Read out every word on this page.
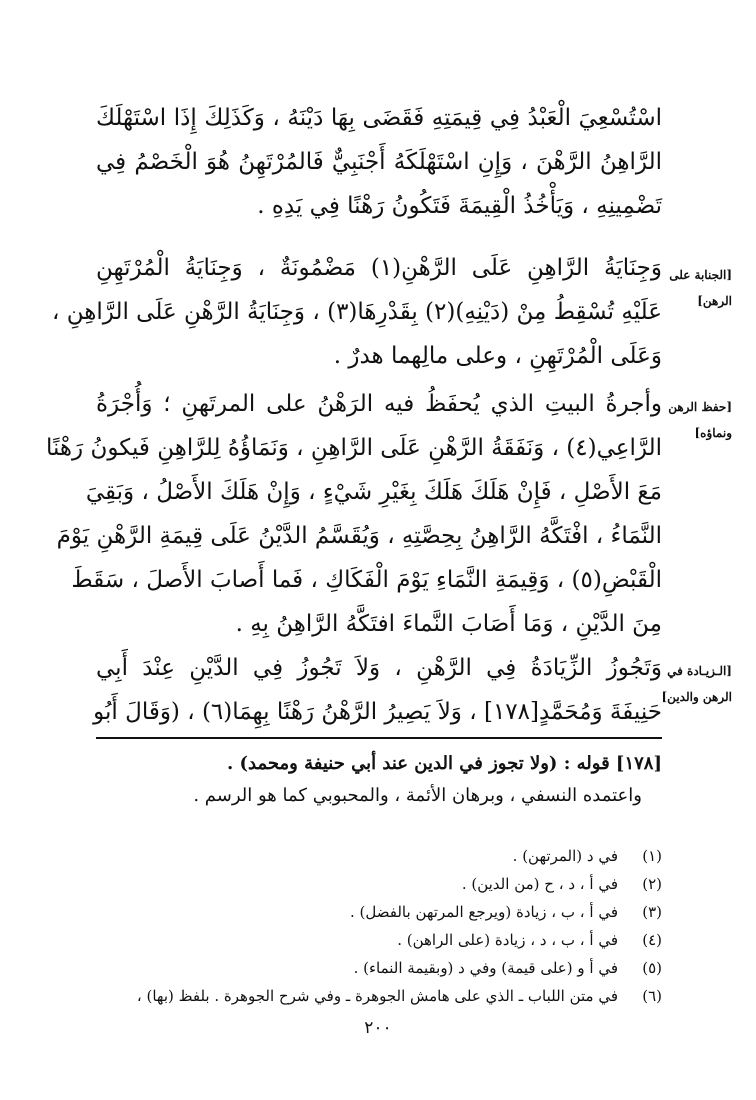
اسْتُسْعِيَ الْعَبْدُ فِي قِيمَتِهِ فَقَضَى بِهَا دَيْنَهُ ، وَكَذَلِكَ إِذَا اسْتَهْلَكَ
الرَّاهِنُ الرَّهْنَ ، وَإِنِ اسْتَهْلَكَهُ أَجْنَبِيٌّ فَالمُرْتَهِنُ هُوَ الْخَصْمُ فِي
تَضْمِينِهِ ، وَيَأْخُذُ الْقِيمَةَ فَتَكُونُ رَهْنًا فِي يَدِهِ .
وَجِنَايَةُ الرَّاهِنِ عَلَى الرَّهْنِ(١) مَضْمُونَةٌ ، وَجِنَايَةُ الْمُرْتَهِنِ
عَلَيْهِ تُسْقِطُ مِنْ (دَيْنِهِ)(٢) بِقَدْرِهَا(٣) ، وَجِنَايَةُ الرَّهْنِ عَلَى الرَّاهِنِ ،
وَعَلَى الْمُرْتَهِنِ ، وعلى مالِهما هدرٌ .
[الجنابة على
الرهن]
وأجرةُ البيتِ الذي يُحفَظُ فيه الرَهْنُ على المرتَهنِ ؛ وَأُجْرَةُ
الرَّاعِي(٤) ، وَنَفَقَةُ الرَّهْنِ عَلَى الرَّاهِنِ ، وَنَمَاؤُهُ لِلرَّاهِنِ فَيكونُ رَهْنًا
مَعَ الأَصْلِ ، فَإِنْ هَلَكَ هَلَكَ بِغَيْرِ شَيْءٍ ، وَإِنْ هَلَكَ الأَصْلُ ، وَبَقِيَ
النَّمَاءُ ، افْتَكَّهُ الرَّاهِنُ بِحِصَّتِهِ ، وَيُقَسَّمُ الدَّيْنُ عَلَى قِيمَةِ الرَّهْنِ يَوْمَ
الْقَبْضِ(٥) ، وَقِيمَةِ النَّمَاءِ يَوْمَ الْفَكَاكِ ، فَما أَصابَ الأَصلَ ، سَقَطَ
مِنَ الدَّيْنِ ، وَمَا أَصَابَ النَّماءَ افتَكَّهُ الرَّاهِنُ بِهِ .
[حفظ الرهن
ونماؤه]
وَتَجُوزُ الزِّيَادَةُ فِي الرَّهْنِ ، وَلاَ تَجُوزُ فِي الدَّيْنِ عِنْدَ أَبِي
حَنِيفَةَ وَمُحَمَّدٍ[١٧٨] ، وَلاَ يَصِيرُ الرَّهْنُ رَهْنًا بِهِمَا(٦) ، (وَقَالَ أَبُو
[الـزيـادة في
الرهن والدين]
[١٧٨] قوله : (ولا تجوز في الدين عند أبي حنيفة ومحمد) .
واعتمده النسفي ، وبرهان الأئمة ، والمحبوبي كما هو الرسم .
(١)في د (المرتهن) .
(٢)في أ ، د ، ح (من الدين) .
(٣)في أ ، ب ، زيادة (ويرجع المرتهن بالفضل) .
(٤)في أ ، ب ، د ، زيادة (على الراهن) .
(٥)في أ و (على قيمة) وفي د (وبقيمة النماء) .
(٦)في متن اللباب ـ الذي على هامش الجوهرة ـ وفي شرح الجوهرة . بلفظ (بها) ،
٢٠٠
